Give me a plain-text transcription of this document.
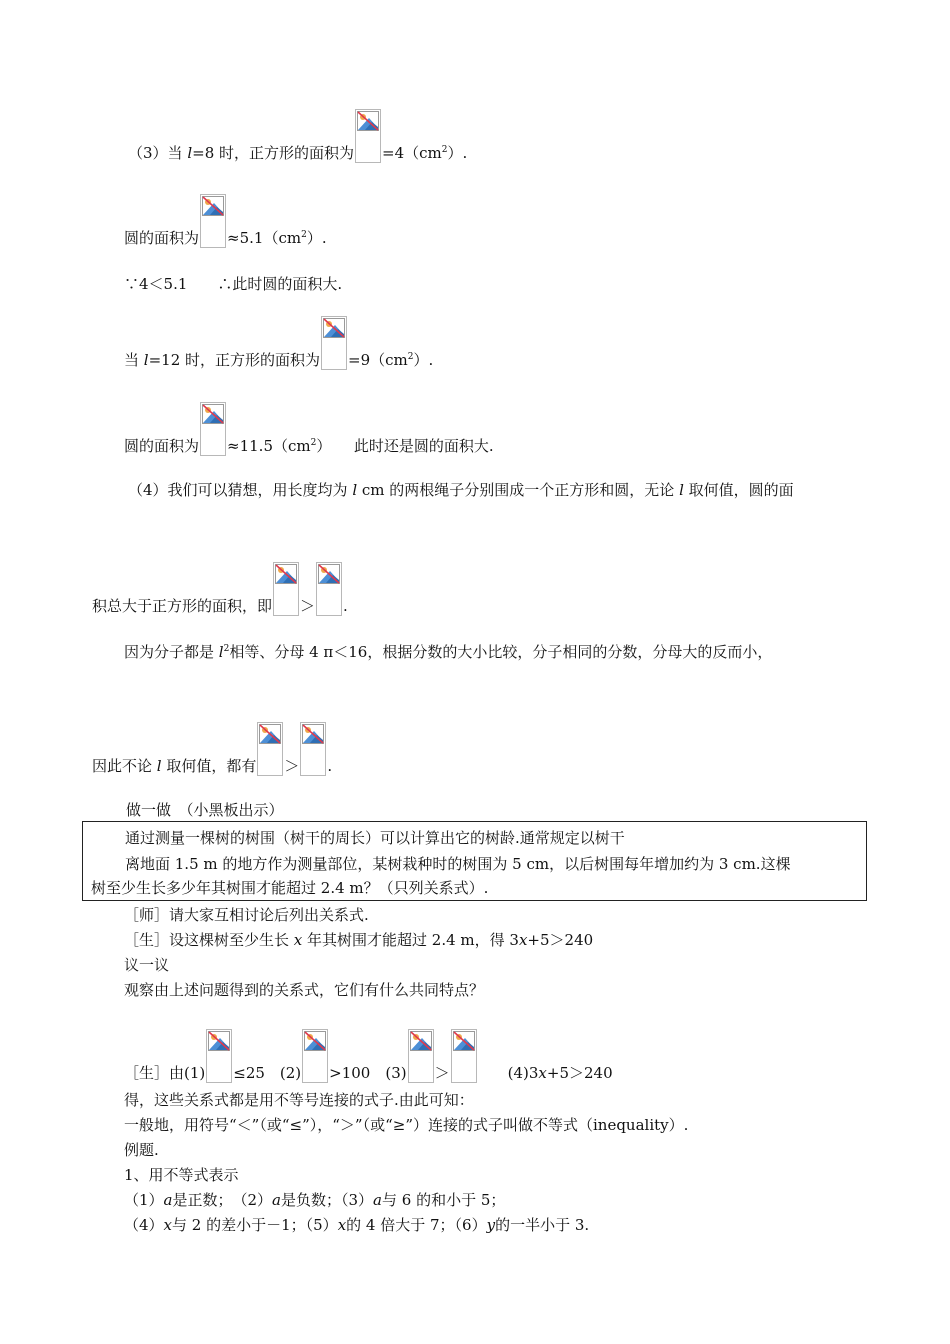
（3）当 l=8 时，正方形的面积为 $=4(cm^2)$.
圆的面积为 $\approx 5.1(cm^2)$.
∵4＜5.1　　∴此时圆的面积大.
当 l=12 时，正方形的面积为 $=9(cm^2)$.
圆的面积为 $\approx 11.5(cm^2)$　　此时还是圆的面积大.
（4）我们可以猜想，用长度均为 l cm 的两根绳子分别围成一个正方形和圆，无论 l 取何值，圆的面
积总大于正方形的面积，即 ＞ .
因为分子都是 $l^2$相等、分母 4 π＜16，根据分数的大小比较，分子相同的分数，分母大的反而小，
因此不论 l 取何值，都有 ＞ .
做一做　（小黑板出示）
通过测量一棵树的树围（树干的周长）可以计算出它的树龄.通常规定以树干
离地面 1.5 m 的地方作为测量部位，某树栽种时的树围为 5 cm，以后树围每年增加约为 3 cm.这棵
树至少生长多少年其树围才能超过 2.4 m？（只列关系式）.
［师］请大家互相讨论后列出关系式.
［生］设这棵树至少生长 x 年其树围才能超过 2.4 m，得 3x+5＞240
议一议
观察由上述问题得到的关系式，它们有什么共同特点？
［生］由(1) ≤25　(2) >100　(3) ＞
　　(4)3x+5＞240
得，这些关系式都是用不等号连接的式子.由此可知：
一般地，用符号“＜”（或“≤”），“＞”（或“≥”）连接的式子叫做不等式（inequality）.
例题.
1、用不等式表示
（1）a是正数；　（2）a是负数；（3）a与 6 的和小于 5；
（4）x与 2 的差小于－1；（5）x的 4 倍大于 7；（6）y的一半小于 3.
